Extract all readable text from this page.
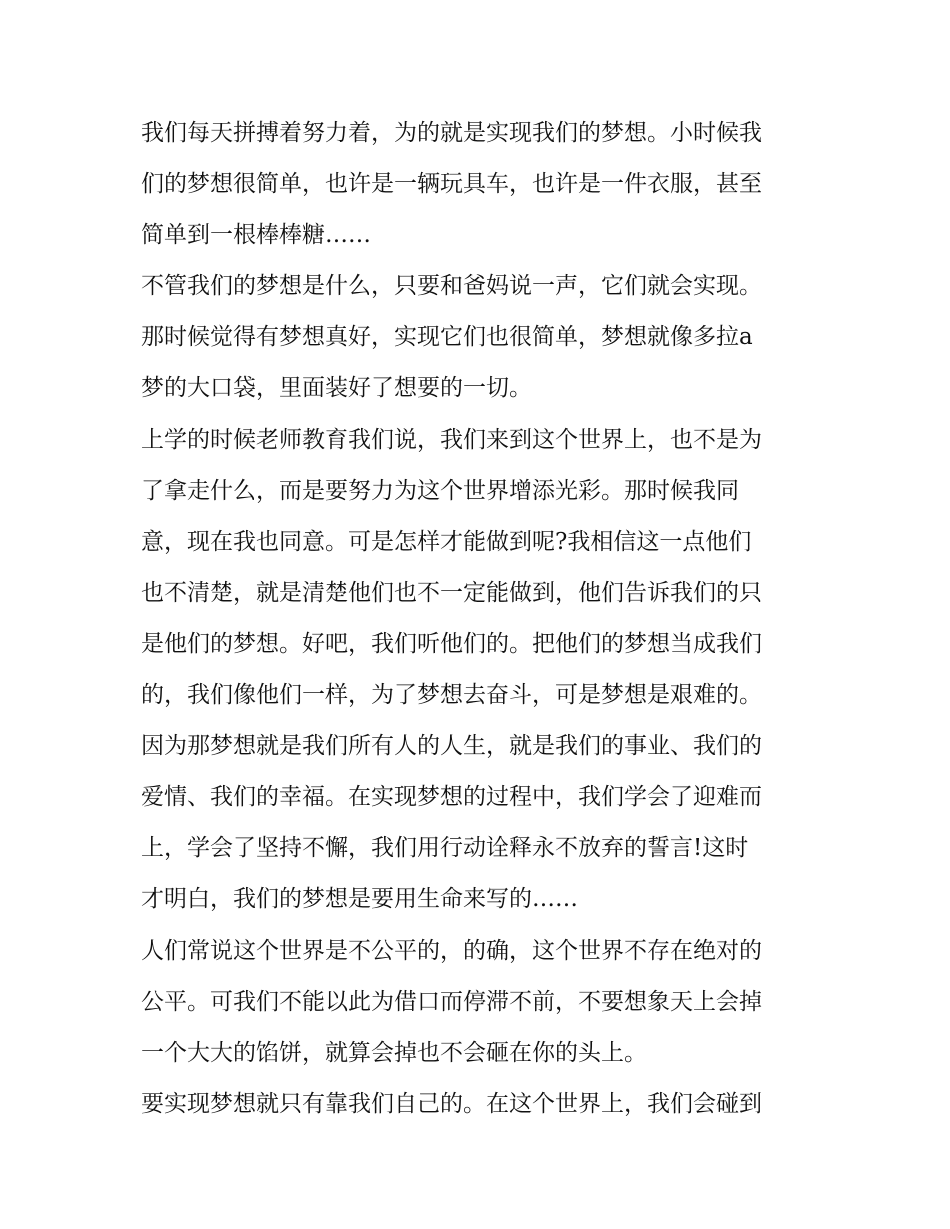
我们每天拼搏着努力着，为的就是实现我们的梦想。小时候我
们的梦想很简单，也许是一辆玩具车，也许是一件衣服，甚至
简单到一根棒棒糖……
不管我们的梦想是什么，只要和爸妈说一声，它们就会实现。
那时候觉得有梦想真好，实现它们也很简单，梦想就像多拉a
梦的大口袋，里面装好了想要的一切。
上学的时候老师教育我们说，我们来到这个世界上，也不是为
了拿走什么，而是要努力为这个世界增添光彩。那时候我同
意，现在我也同意。可是怎样才能做到呢?我相信这一点他们
也不清楚，就是清楚他们也不一定能做到，他们告诉我们的只
是他们的梦想。好吧，我们听他们的。把他们的梦想当成我们
的，我们像他们一样，为了梦想去奋斗，可是梦想是艰难的。
因为那梦想就是我们所有人的人生，就是我们的事业、我们的
爱情、我们的幸福。在实现梦想的过程中，我们学会了迎难而
上，学会了坚持不懈，我们用行动诠释永不放弃的誓言!这时
才明白，我们的梦想是要用生命来写的……
人们常说这个世界是不公平的，的确，这个世界不存在绝对的
公平。可我们不能以此为借口而停滞不前，不要想象天上会掉
一个大大的馅饼，就算会掉也不会砸在你的头上。
要实现梦想就只有靠我们自己的。在这个世界上，我们会碰到
